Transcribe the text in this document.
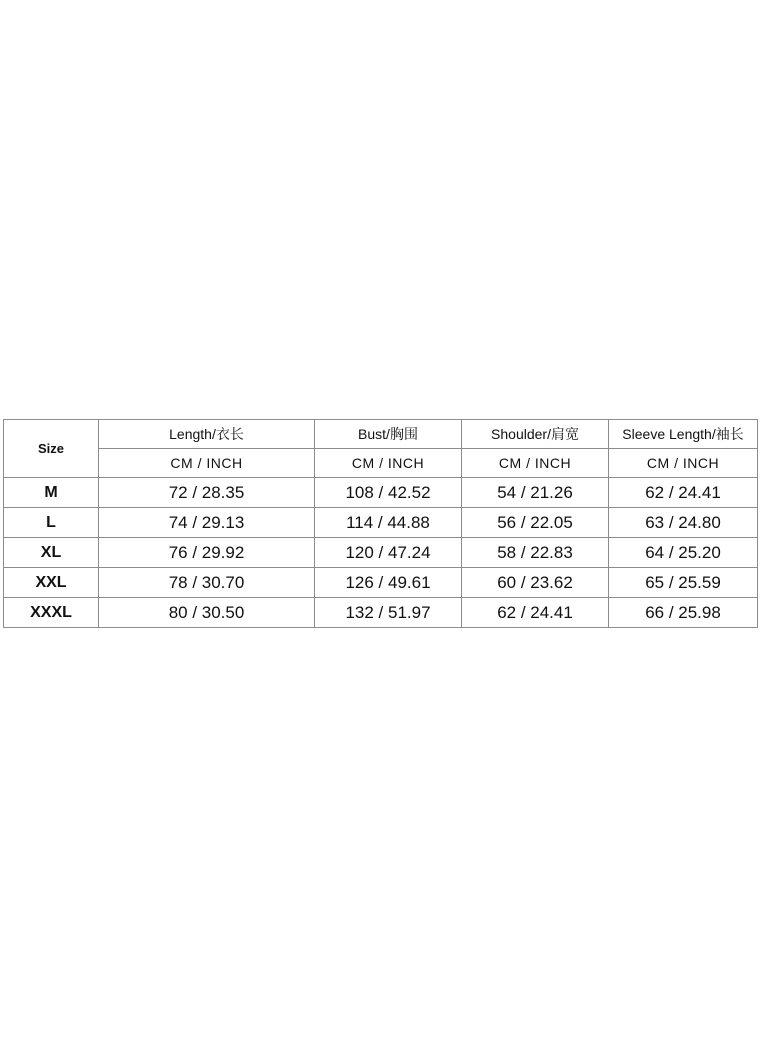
Size	Length/衣长	Bust/胸围	Shoulder/肩宽	Sleeve Length/袖长
	CM / INCH	CM / INCH	CM / INCH	CM / INCH
M	72 / 28.35	108 / 42.52	54 / 21.26	62 / 24.41
L	74 / 29.13	114 / 44.88	56 / 22.05	63 / 24.80
XL	76 / 29.92	120 / 47.24	58 / 22.83	64 / 25.20
XXL	78 / 30.70	126 / 49.61	60 / 23.62	65 / 25.59
XXXL	80 / 30.50	132 / 51.97	62 / 24.41	66 / 25.98
